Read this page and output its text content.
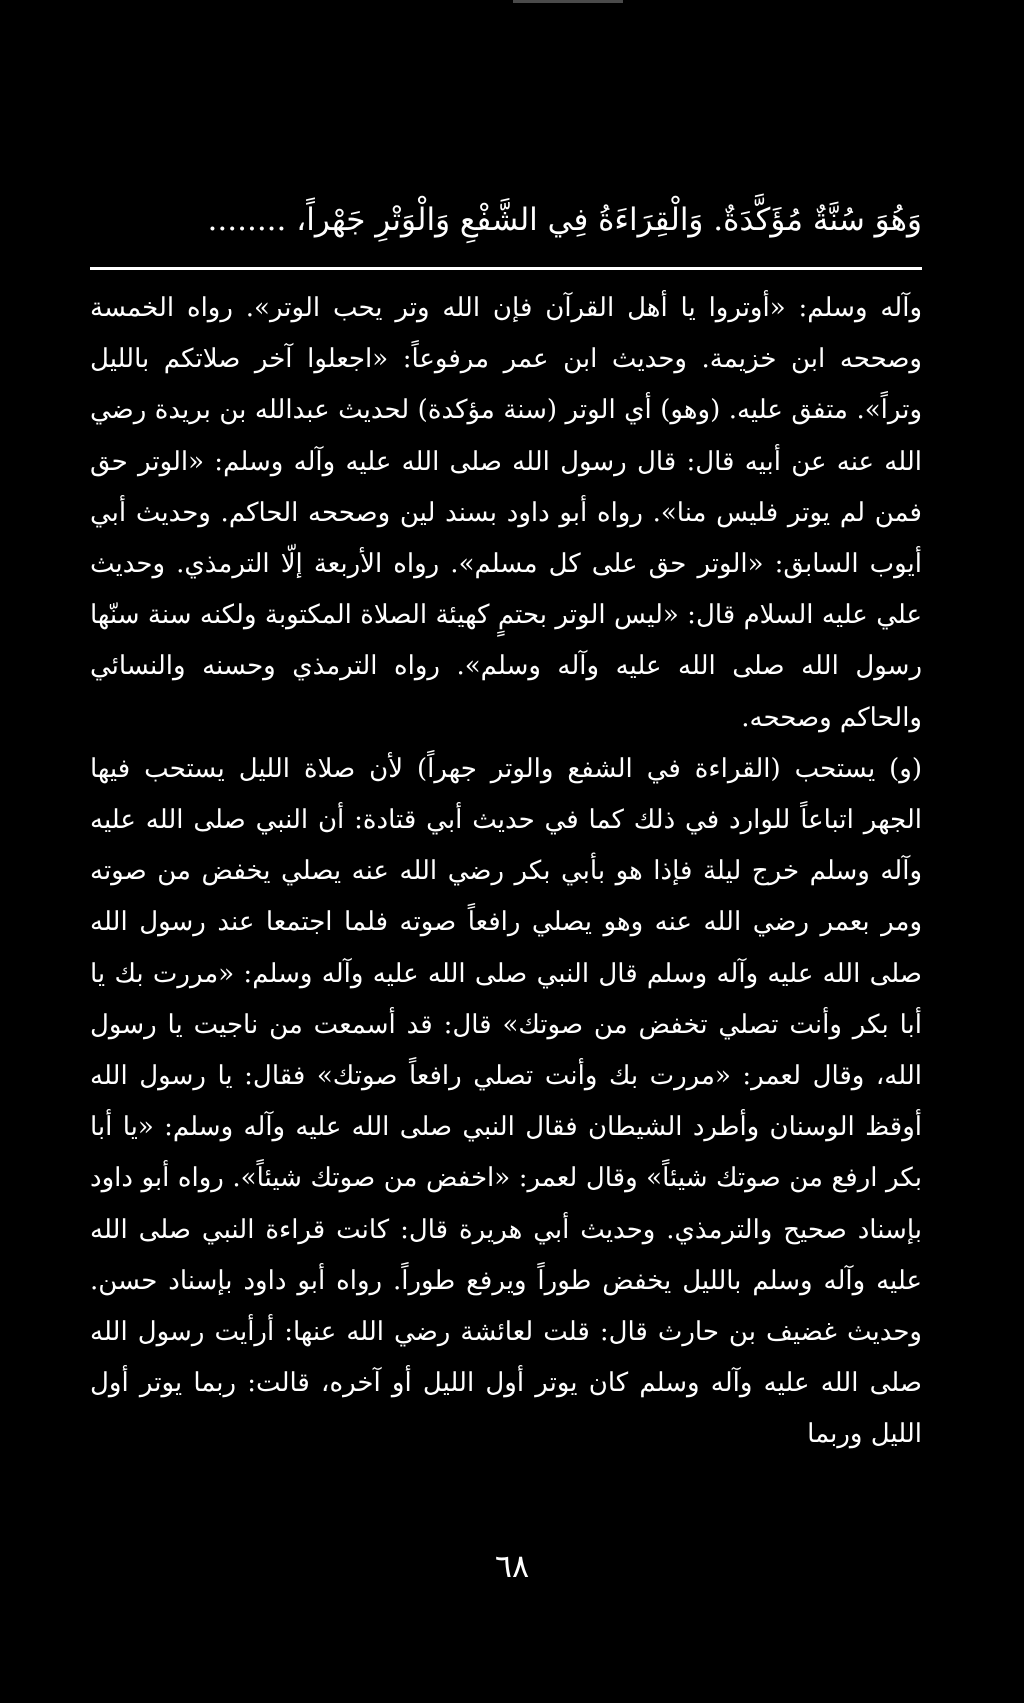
وَهُوَ سُنَّةٌ مُؤَكَّدَةٌ. وَالْقِرَاءَةُ فِي الشَّفْعِ وَالْوَتْرِ جَهْراً، ........

وآله وسلم: «أوتروا يا أهل القرآن فإن الله وتر يحب الوتر». رواه الخمسة وصححه ابن خزيمة. وحديث ابن عمر مرفوعاً: «اجعلوا آخر صلاتكم بالليل وتراً». متفق عليه. (وهو) أي الوتر (سنة مؤكدة) لحديث عبدالله بن بريدة رضي الله عنه عن أبيه قال: قال رسول الله صلى الله عليه وآله وسلم: «الوتر حق فمن لم يوتر فليس منا». رواه أبو داود بسند لين وصححه الحاكم. وحديث أبي أيوب السابق: «الوتر حق على كل مسلم». رواه الأربعة إلّا الترمذي. وحديث علي عليه السلام قال: «ليس الوتر بحتمٍ كهيئة الصلاة المكتوبة ولكنه سنة سنّها رسول الله صلى الله عليه وآله وسلم». رواه الترمذي وحسنه والنسائي والحاكم وصححه.

(و) يستحب (القراءة في الشفع والوتر جهراً) لأن صلاة الليل يستحب فيها الجهر اتباعاً للوارد في ذلك كما في حديث أبي قتادة: أن النبي صلى الله عليه وآله وسلم خرج ليلة فإذا هو بأبي بكر رضي الله عنه يصلي يخفض من صوته ومر بعمر رضي الله عنه وهو يصلي رافعاً صوته فلما اجتمعا عند رسول الله صلى الله عليه وآله وسلم قال النبي صلى الله عليه وآله وسلم: «مررت بك يا أبا بكر وأنت تصلي تخفض من صوتك» قال: قد أسمعت من ناجيت يا رسول الله، وقال لعمر: «مررت بك وأنت تصلي رافعاً صوتك» فقال: يا رسول الله أوقظ الوسنان وأطرد الشيطان فقال النبي صلى الله عليه وآله وسلم: «يا أبا بكر ارفع من صوتك شيئاً» وقال لعمر: «اخفض من صوتك شيئاً». رواه أبو داود بإسناد صحيح والترمذي. وحديث أبي هريرة قال: كانت قراءة النبي صلى الله عليه وآله وسلم بالليل يخفض طوراً ويرفع طوراً. رواه أبو داود بإسناد حسن. وحديث غضيف بن حارث قال: قلت لعائشة رضي الله عنها: أرأيت رسول الله صلى الله عليه وآله وسلم كان يوتر أول الليل أو آخره، قالت: ربما يوتر أول الليل وربما

٦٨
